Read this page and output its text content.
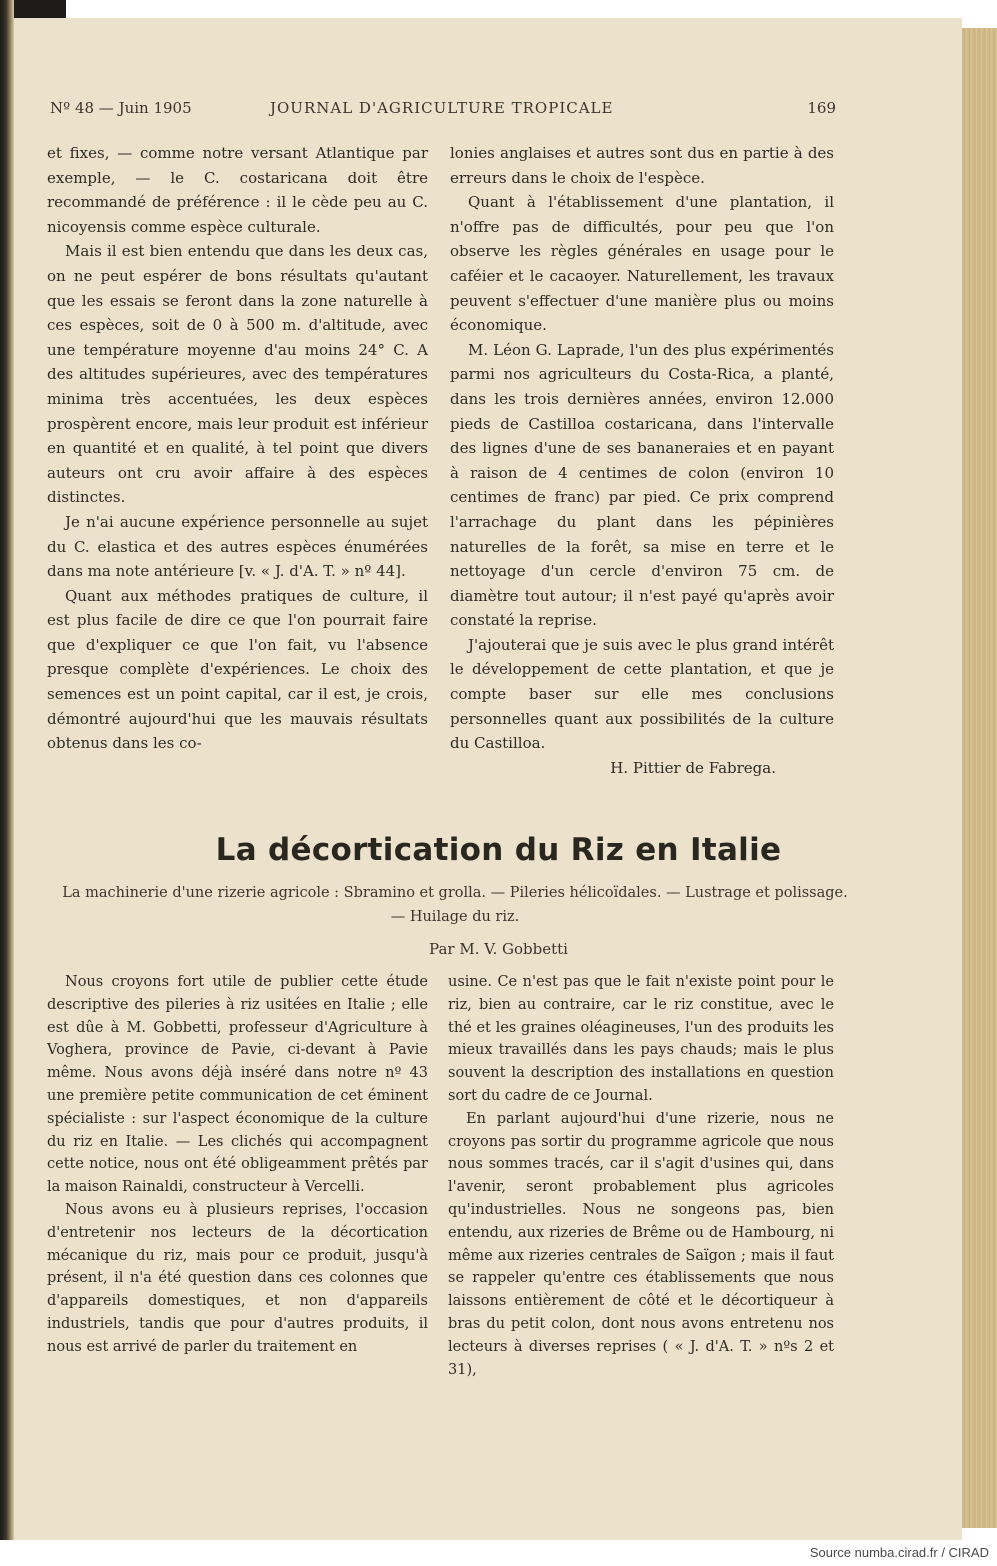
Nº 48 — Juin 1905	JOURNAL D'AGRICULTURE TROPICALE	169

et fixes, — comme notre versant Atlantique par exemple, — le C. costaricana doit être recommandé de préférence : il le cède peu au C. nicoyensis comme espèce culturale.

Mais il est bien entendu que dans les deux cas, on ne peut espérer de bons résultats qu'autant que les essais se feront dans la zone naturelle à ces espèces, soit de 0 à 500 m. d'altitude, avec une température moyenne d'au moins 24° C. A des altitudes supérieures, avec des températures minima très accentuées, les deux espèces prospèrent encore, mais leur produit est inférieur en quantité et en qualité, à tel point que divers auteurs ont cru avoir affaire à des espèces distinctes.

Je n'ai aucune expérience personnelle au sujet du C. elastica et des autres espèces énumérées dans ma note antérieure [v. « J. d'A. T. » nº 44].

Quant aux méthodes pratiques de culture, il est plus facile de dire ce que l'on pourrait faire que d'expliquer ce que l'on fait, vu l'absence presque complète d'expériences. Le choix des semences est un point capital, car il est, je crois, démontré aujourd'hui que les mauvais résultats obtenus dans les co-

lonies anglaises et autres sont dus en partie à des erreurs dans le choix de l'espèce.

Quant à l'établissement d'une plantation, il n'offre pas de difficultés, pour peu que l'on observe les règles générales en usage pour le caféier et le cacaoyer. Naturellement, les travaux peuvent s'effectuer d'une manière plus ou moins économique.

M. Léon G. Laprade, l'un des plus expérimentés parmi nos agriculteurs du Costa-Rica, a planté, dans les trois dernières années, environ 12.000 pieds de Castilloa costaricana, dans l'intervalle des lignes d'une de ses bananeraies et en payant à raison de 4 centimes de colon (environ 10 centimes de franc) par pied. Ce prix comprend l'arrachage du plant dans les pépinières naturelles de la forêt, sa mise en terre et le nettoyage d'un cercle d'environ 75 cm. de diamètre tout autour; il n'est payé qu'après avoir constaté la reprise.

J'ajouterai que je suis avec le plus grand intérêt le développement de cette plantation, et que je compte baser sur elle mes conclusions personnelles quant aux possibilités de la culture du Castilloa.

H. Pittier de Fabrega.

La décortication du Riz en Italie
La machinerie d'une rizerie agricole : Sbramino et grolla. — Pileries hélicoïdales. — Lustrage et polissage. — Huilage du riz.
Par M. V. Gobbetti

Nous croyons fort utile de publier cette étude descriptive des pileries à riz usitées en Italie ; elle est dûe à M. Gobbetti, professeur d'Agriculture à Voghera, province de Pavie, ci-devant à Pavie même. Nous avons déjà inséré dans notre nº 43 une première petite communication de cet éminent spécialiste : sur l'aspect économique de la culture du riz en Italie. — Les clichés qui accompagnent cette notice, nous ont été obligeamment prêtés par la maison Rainaldi, constructeur à Vercelli.

Nous avons eu à plusieurs reprises, l'occasion d'entretenir nos lecteurs de la décortication mécanique du riz, mais pour ce produit, jusqu'à présent, il n'a été question dans ces colonnes que d'appareils domestiques, et non d'appareils industriels, tandis que pour d'autres produits, il nous est arrivé de parler du traitement en

usine. Ce n'est pas que le fait n'existe point pour le riz, bien au contraire, car le riz constitue, avec le thé et les graines oléagineuses, l'un des produits les mieux travaillés dans les pays chauds; mais le plus souvent la description des installations en question sort du cadre de ce Journal.

En parlant aujourd'hui d'une rizerie, nous ne croyons pas sortir du programme agricole que nous nous sommes tracés, car il s'agit d'usines qui, dans l'avenir, seront probablement plus agricoles qu'industrielles. Nous ne songeons pas, bien entendu, aux rizeries de Brême ou de Hambourg, ni même aux rizeries centrales de Saïgon ; mais il faut se rappeler qu'entre ces établissements que nous laissons entièrement de côté et le décortiqueur à bras du petit colon, dont nous avons entretenu nos lecteurs à diverses reprises ( « J. d'A. T. » nºs 2 et 31),

Source numba.cirad.fr / CIRAD
